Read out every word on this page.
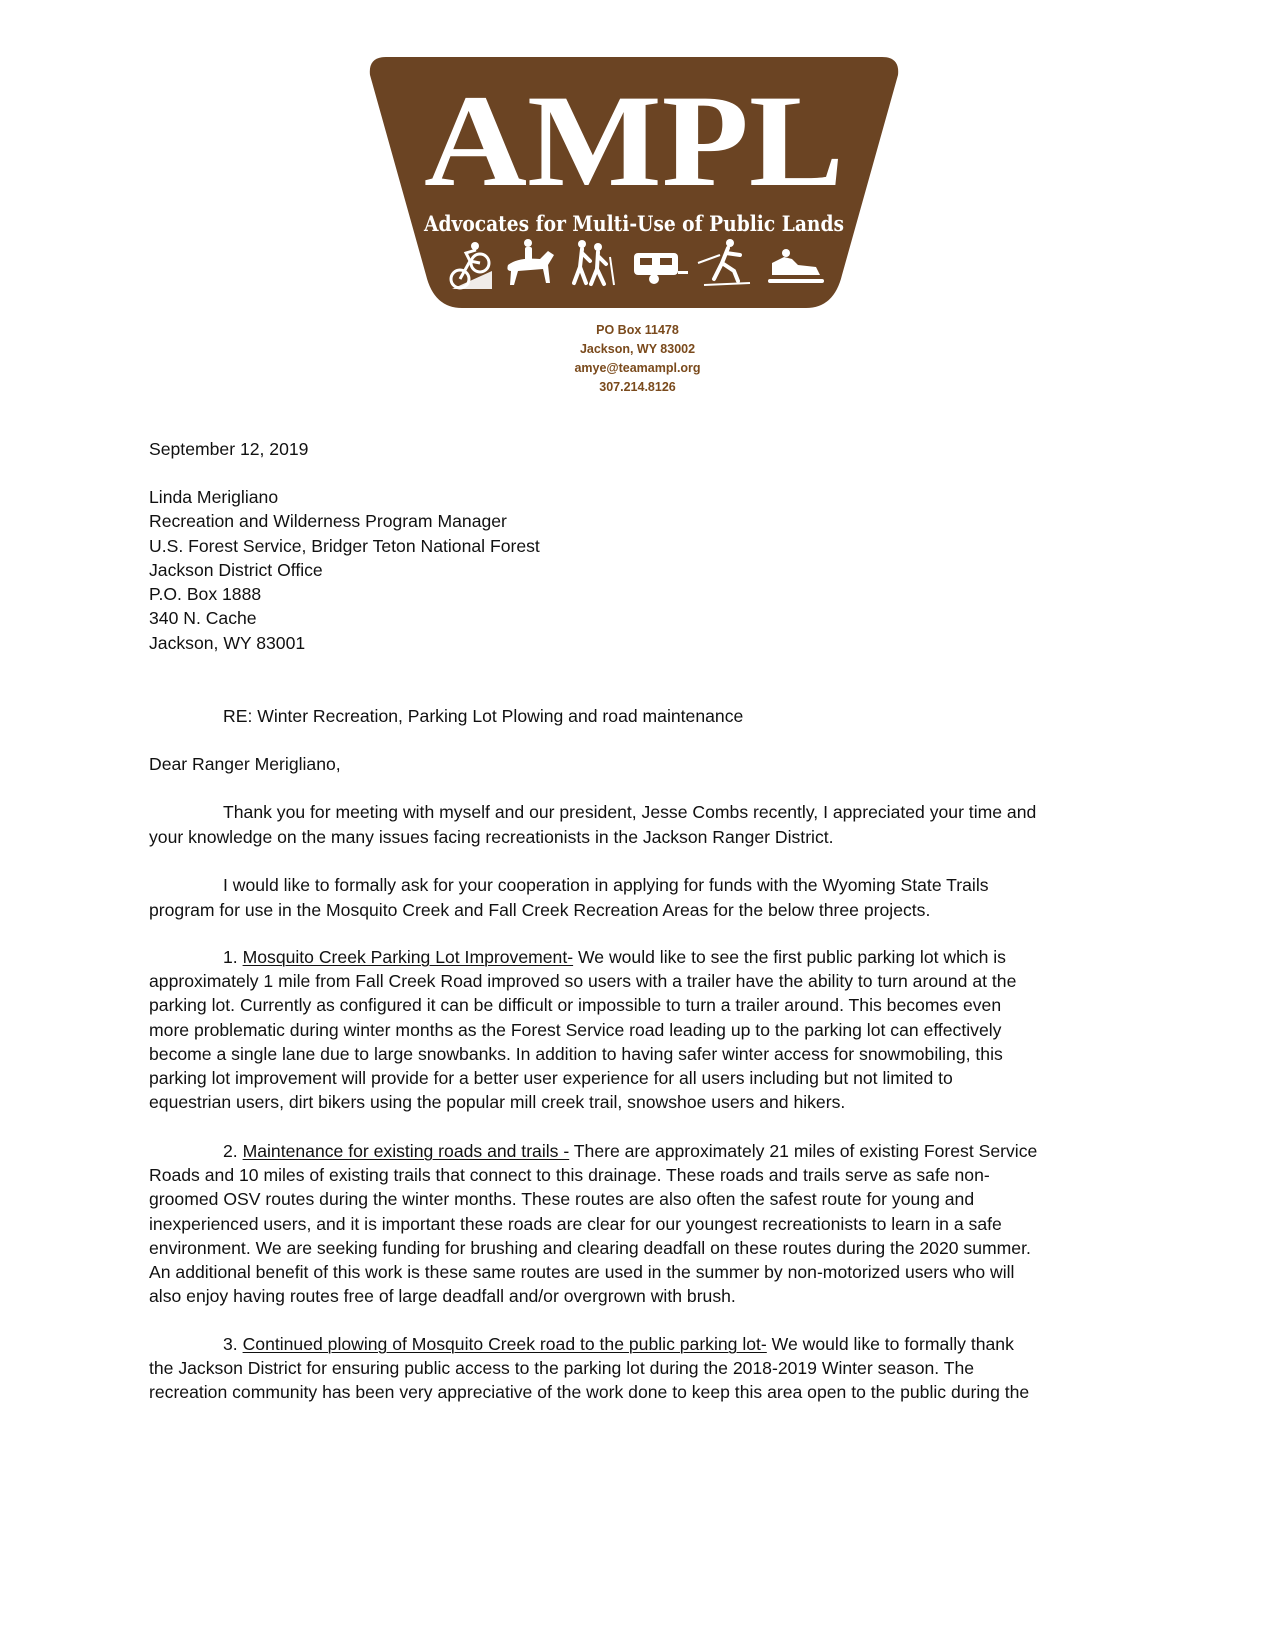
AMPL
Advocates for Multi-Use of Public Lands
PO Box 11478
Jackson, WY 83002
amye@teamampl.org
307.214.8126
September 12, 2019
Linda Merigliano
Recreation and Wilderness Program Manager
U.S. Forest Service, Bridger Teton National Forest
Jackson District Office
P.O. Box 1888
340 N. Cache
Jackson, WY 83001
RE: Winter Recreation, Parking Lot Plowing and road maintenance
Dear Ranger Merigliano,
Thank you for meeting with myself and our president, Jesse Combs recently, I appreciated your time and
your knowledge on the many issues facing recreationists in the Jackson Ranger District.
I would like to formally ask for your cooperation in applying for funds with the Wyoming State Trails
program for use in the Mosquito Creek and Fall Creek Recreation Areas for the below three projects.
1. Mosquito Creek Parking Lot Improvement- We would like to see the first public parking lot which is
approximately 1 mile from Fall Creek Road improved so users with a trailer have the ability to turn around at the
parking lot. Currently as configured it can be difficult or impossible to turn a trailer around. This becomes even
more problematic during winter months as the Forest Service road leading up to the parking lot can effectively
become a single lane due to large snowbanks. In addition to having safer winter access for snowmobiling, this
parking lot improvement will provide for a better user experience for all users including but not limited to
equestrian users, dirt bikers using the popular mill creek trail, snowshoe users and hikers.
2. Maintenance for existing roads and trails - There are approximately 21 miles of existing Forest Service
Roads and 10 miles of existing trails that connect to this drainage. These roads and trails serve as safe non-
groomed OSV routes during the winter months. These routes are also often the safest route for young and
inexperienced users, and it is important these roads are clear for our youngest recreationists to learn in a safe
environment. We are seeking funding for brushing and clearing deadfall on these routes during the 2020 summer.
An additional benefit of this work is these same routes are used in the summer by non-motorized users who will
also enjoy having routes free of large deadfall and/or overgrown with brush.
3. Continued plowing of Mosquito Creek road to the public parking lot- We would like to formally thank
the Jackson District for ensuring public access to the parking lot during the 2018-2019 Winter season. The
recreation community has been very appreciative of the work done to keep this area open to the public during the
